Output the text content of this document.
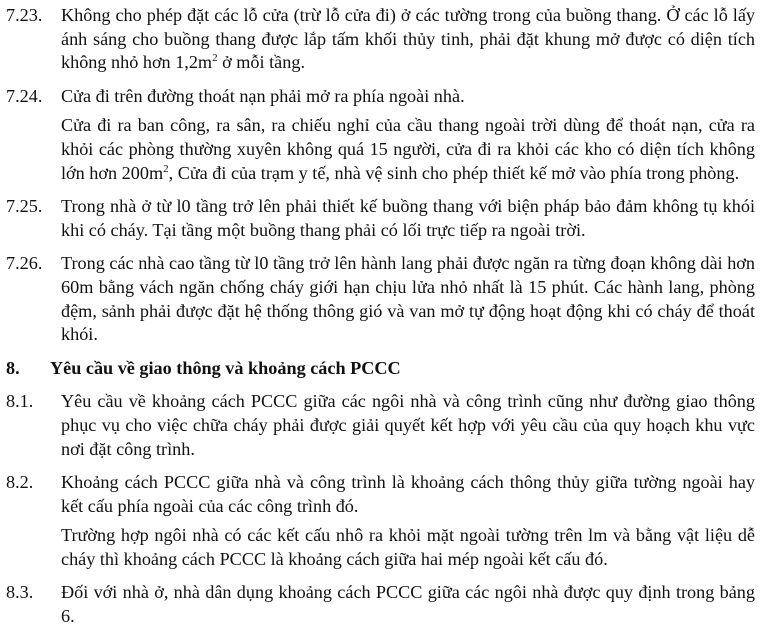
7.23.	Không cho phép đặt các lỗ cửa (trừ lỗ cửa đi) ở các tường trong của buồng thang. Ở các lỗ lấy ánh sáng cho buồng thang được lắp tấm khối thủy tinh, phải đặt khung mở được có diện tích không nhỏ hơn $1,2m^2$ ở mỗi tầng.
7.24.	Cửa đi trên đường thoát nạn phải mở ra phía ngoài nhà.
Cửa đi ra ban công, ra sân, ra chiếu nghỉ của cầu thang ngoài trời dùng để thoát nạn, cửa ra khỏi các phòng thường xuyên không quá 15 người, cửa đi ra khỏi các kho có diện tích không lớn hơn $200m^2$, Cửa đi của trạm y tế, nhà vệ sinh cho phép thiết kế mở vào phía trong phòng.
7.25.	Trong nhà ở từ l0 tầng trở lên phải thiết kế buồng thang với biện pháp bảo đảm không tụ khói khi có cháy. Tại tầng một buồng thang phải có lối trực tiếp ra ngoài trời.
7.26.	Trong các nhà cao tầng từ l0 tầng trở lên hành lang phải được ngăn ra từng đoạn không dài hơn 60m bằng vách ngăn chống cháy giới hạn chịu lửa nhỏ nhất là 15 phút. Các hành lang, phòng đệm, sảnh phải được đặt hệ thống thông gió và van mở tự động hoạt động khi có cháy để thoát khói.
8.	Yêu cầu về giao thông và khoảng cách PCCC
8.1.	Yêu cầu về khoảng cách PCCC giữa các ngôi nhà và công trình cũng như đường giao thông phục vụ cho việc chữa cháy phải được giải quyết kết hợp với yêu cầu của quy hoạch khu vực nơi đặt công trình.
8.2.	Khoảng cách PCCC giữa nhà và công trình là khoảng cách thông thủy giữa tường ngoài hay kết cấu phía ngoài của các công trình đó.
Trường hợp ngôi nhà có các kết cấu nhô ra khỏi mặt ngoài tường trên lm và bằng vật liệu dễ cháy thì khoảng cách PCCC là khoảng cách giữa hai mép ngoài kết cấu đó.
8.3.	Đối với nhà ở, nhà dân dụng khoảng cách PCCC giữa các ngôi nhà được quy định trong bảng 6.
